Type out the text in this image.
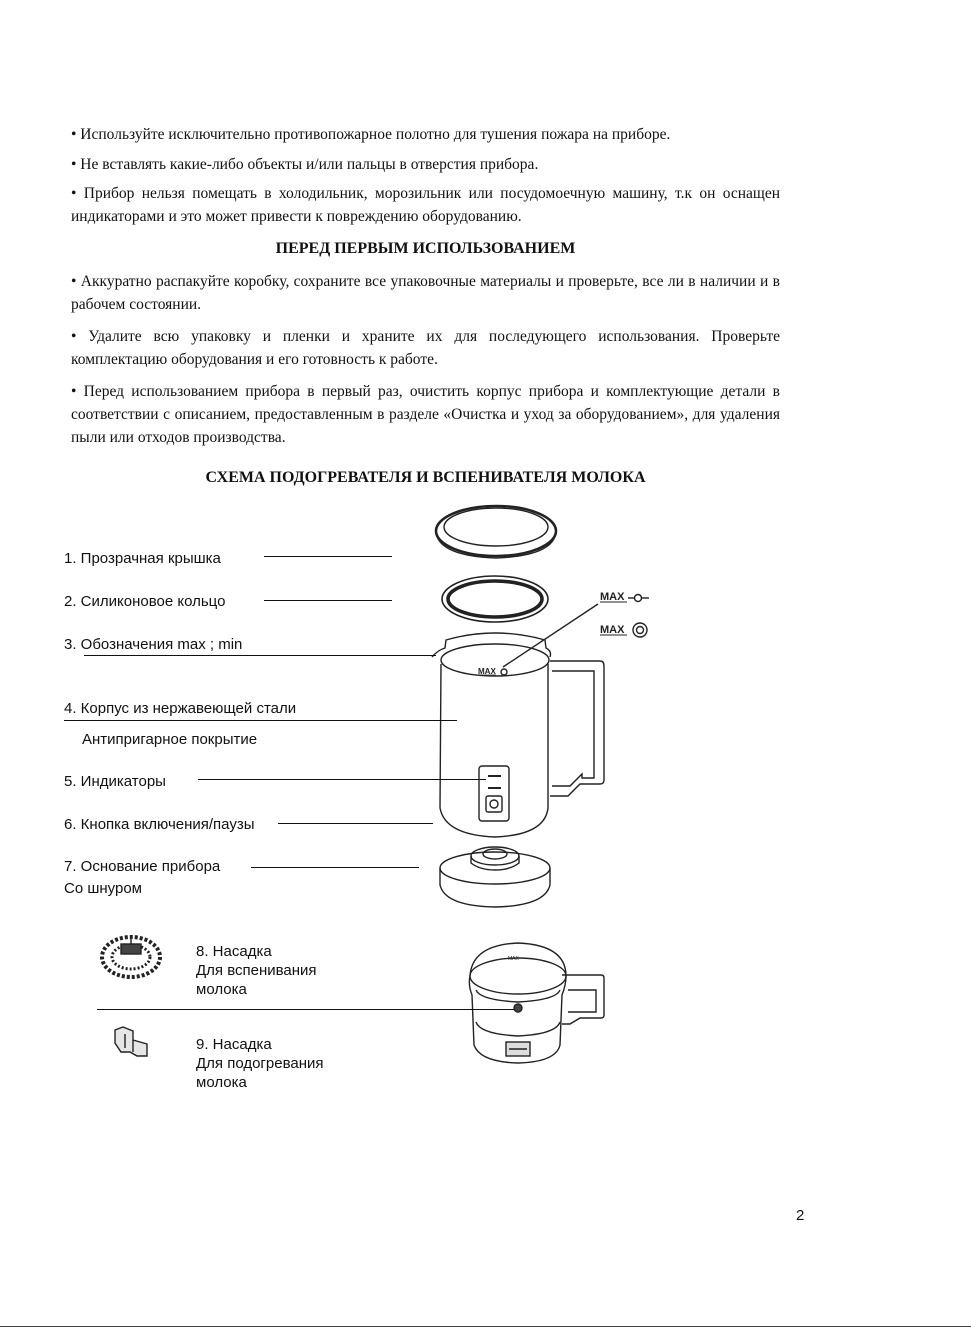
• Используйте исключительно противопожарное полотно для тушения пожара на приборе.
• Не вставлять какие-либо объекты и/или пальцы в отверстия прибора.
• Прибор нельзя помещать в холодильник, морозильник или посудомоечную машину, т.к он оснащен индикаторами и это может привести к повреждению оборудованию.
ПЕРЕД ПЕРВЫМ ИСПОЛЬЗОВАНИЕМ
• Аккуратно распакуйте коробку, сохраните все упаковочные материалы и проверьте, все ли в наличии и в рабочем состоянии.
• Удалите всю упаковку и пленки и храните их для последующего использования. Проверьте комплектацию оборудования и его готовность к работе.
• Перед использованием прибора в первый раз, очистить корпус прибора и комплектующие детали в соответствии с описанием, предоставленным в разделе «Очистка и уход за оборудованием», для удаления пыли или отходов производства.
СХЕМА ПОДОГРЕВАТЕЛЯ И ВСПЕНИВАТЕЛЯ МОЛОКА
MAX
MAX
MAX
MAX
1. Прозрачная крышка
2. Силиконовое кольцо
3. Обозначения max ; min
4. Корпус из нержавеющей стали
Антипригарное покрытие
5. Индикаторы
6. Кнопка включения/паузы
7. Основание прибора
Со шнуром
8. Насадка
Для вспенивания
молока
9. Насадка
Для подогревания
молока
2
